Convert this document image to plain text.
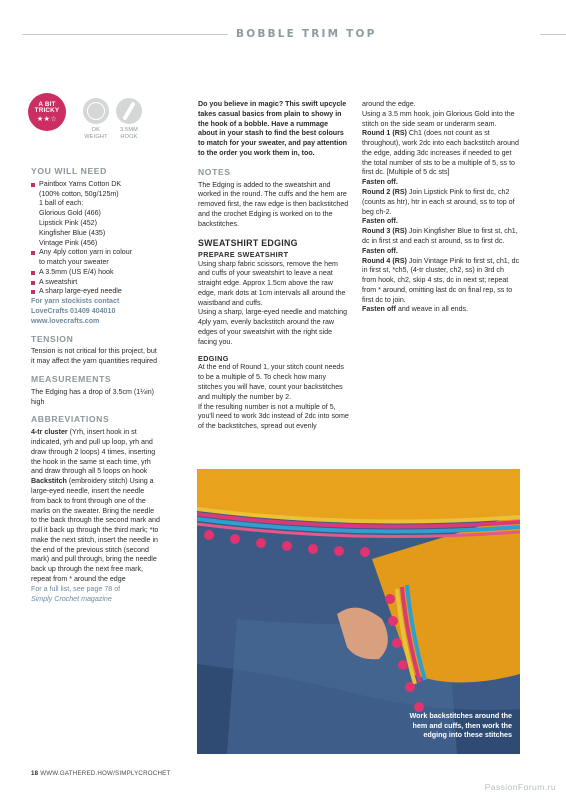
BOBBLE TRIM TOP
A BIT TRICKY
★★☆
DK
WEIGHT
3.5MM
HOOK
YOU WILL NEED
Paintbox Yarns Cotton DK
(100% cotton, 50g/125m)
1 ball of each:
Glorious Gold (466)
Lipstick Pink (452)
Kingfisher Blue (435)
Vintage Pink (456)
Any 4ply cotton yarn in colour
to match your sweater
A 3.5mm (US E/4) hook
A sweatshirt
A sharp large-eyed needle
For yarn stockists contact
LoveCrafts 01409 404010
www.lovecrafts.com
TENSION
Tension is not critical for this project, but it may affect the yarn quantities required
MEASUREMENTS
The Edging has a drop of 3.5cm (1¼in) high
ABBREVIATIONS
4-tr cluster (Yrh, insert hook in st indicated, yrh and pull up loop, yrh and draw through 2 loops) 4 times, inserting the hook in the same st each time, yrh and draw through all 5 loops on hook
Backstitch (embroidery stitch) Using a large-eyed needle, insert the needle from back to front through one of the marks on the sweater. Bring the needle to the back through the second mark and pull it back up through the third mark; *to make the next stitch, insert the needle in the end of the previous stitch (second mark) and pull through, bring the needle back up through the next free mark, repeat from * around the edge
For a full list, see page 78 of
Simply Crochet magazine
Do you believe in magic? This swift upcycle takes casual basics from plain to showy in the hook of a bobble. Have a rummage about in your stash to find the best colours to match for your sweater, and pay attention to the order you work them in, too.
NOTES
The Edging is added to the sweatshirt and worked in the round. The cuffs and the hem are removed first, the raw edge is then backstitched and the crochet Edging is worked on to the backstitches.
SWEATSHIRT EDGING
PREPARE SWEATSHIRT
Using sharp fabric scissors, remove the hem and cuffs of your sweatshirt to leave a neat straight edge. Approx 1.5cm above the raw edge, mark dots at 1cm intervals all around the waistband and cuffs.
Using a sharp, large-eyed needle and matching 4ply yarn, evenly backstitch around the raw edges of your sweatshirt with the right side facing you.
EDGING
At the end of Round 1, your stitch count needs to be a multiple of 5. To check how many stitches you will have, count your backstitches and multiply the number by 2.
If the resulting number is not a multiple of 5, you'll need to work 3dc instead of 2dc into some of the backstitches, spread out evenly
around the edge.
Using a 3.5 mm hook, join Glorious Gold into the stitch on the side seam or underarm seam.
Round 1 (RS) Ch1 (does not count as st throughout), work 2dc into each backstitch around the edge, adding 3dc increases if needed to get the total number of sts to be a multiple of 5, ss to first dc. [Multiple of 5 dc sts]
Fasten off.
Round 2 (RS) Join Lipstick Pink to first dc, ch2 (counts as htr), htr in each st around, ss to top of beg ch-2.
Fasten off.
Round 3 (RS) Join Kingfisher Blue to first st, ch1, dc in first st and each st around, ss to first dc.
Fasten off.
Round 4 (RS) Join Vintage Pink to first st, ch1, dc in first st, *ch5, (4-tr cluster, ch2, ss) in 3rd ch from hook, ch2, skip 4 sts, dc in next st; repeat from * around, omitting last dc on final rep, ss to first dc to join.
Fasten off and weave in all ends.
Work backstitches around the hem and cuffs, then work the edging into these stitches
18 WWW.GATHERED.HOW/SIMPLYCROCHET
PassionForum.ru
